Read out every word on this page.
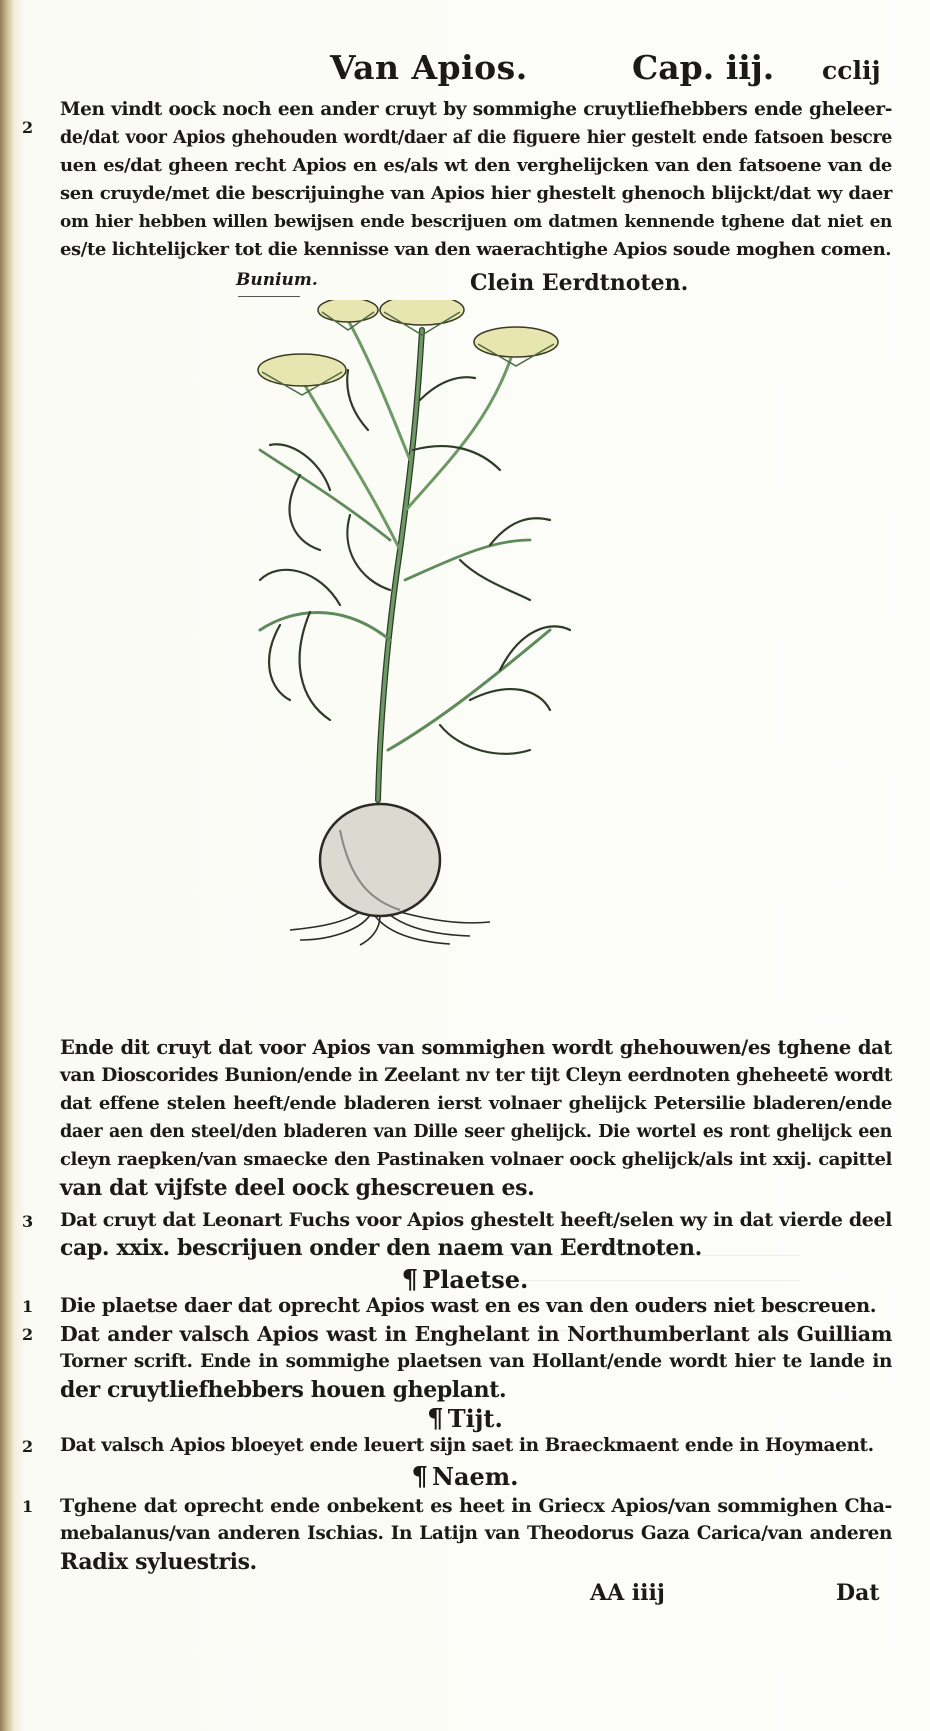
Van Apios.	Cap. iij. cclij
2
Men vindt oock noch een ander cruyt by sommighe cruytliefhebbers ende gheleer-
de/dat voor Apios ghehouden wordt/daer af die figuere hier gestelt ende fatsoen bescre
uen es/dat gheen recht Apios en es/als wt den verghelijcken van den fatsoene van de
sen cruyde/met die bescrijuinghe van Apios hier ghestelt ghenoch blijckt/dat wy daer
om hier hebben willen bewijsen ende bescrijuen om datmen kennende tghene dat niet en
es/te lichtelijcker tot die kennisse van den waerachtighe Apios soude moghen comen.
Bunium.	Clein Eerdtnoten.
Ende dit cruyt dat voor Apios van sommighen wordt ghehouwen/es tghene dat
van Dioscorides Bunion/ende in Zeelant nv ter tijt Cleyn eerdnoten gheheetē wordt
dat effene stelen heeft/ende bladeren ierst volnaer ghelijck Petersilie bladeren/ende
daer aen den steel/den bladeren van Dille seer ghelijck. Die wortel es ront ghelijck een
cleyn raepken/van smaecke den Pastinaken volnaer oock ghelijck/als int xxij. capittel
van dat vijfste deel oock ghescreuen es.
3 Dat cruyt dat Leonart Fuchs voor Apios ghestelt heeft/selen wy in dat vierde deel
cap. xxix. bescrijuen onder den naem van Eerdtnoten.
¶ Plaetse.
1 Die plaetse daer dat oprecht Apios wast en es van den ouders niet bescreuen.
2 Dat ander valsch Apios wast in Enghelant in Northumberlant als Guilliam
Torner scrift. Ende in sommighe plaetsen van Hollant/ende wordt hier te lande in
der cruytliefhebbers houen gheplant.
¶ Tijt.
2 Dat valsch Apios bloeyet ende leuert sijn saet in Braeckmaent ende in Hoymaent.
¶ Naem.
1 Tghene dat oprecht ende onbekent es heet in Griecx Apios/van sommighen Cha-
mebalanus/van anderen Ischias. In Latijn van Theodorus Gaza Carica/van anderen
Radix syluestris.
AA iiij	Dat
